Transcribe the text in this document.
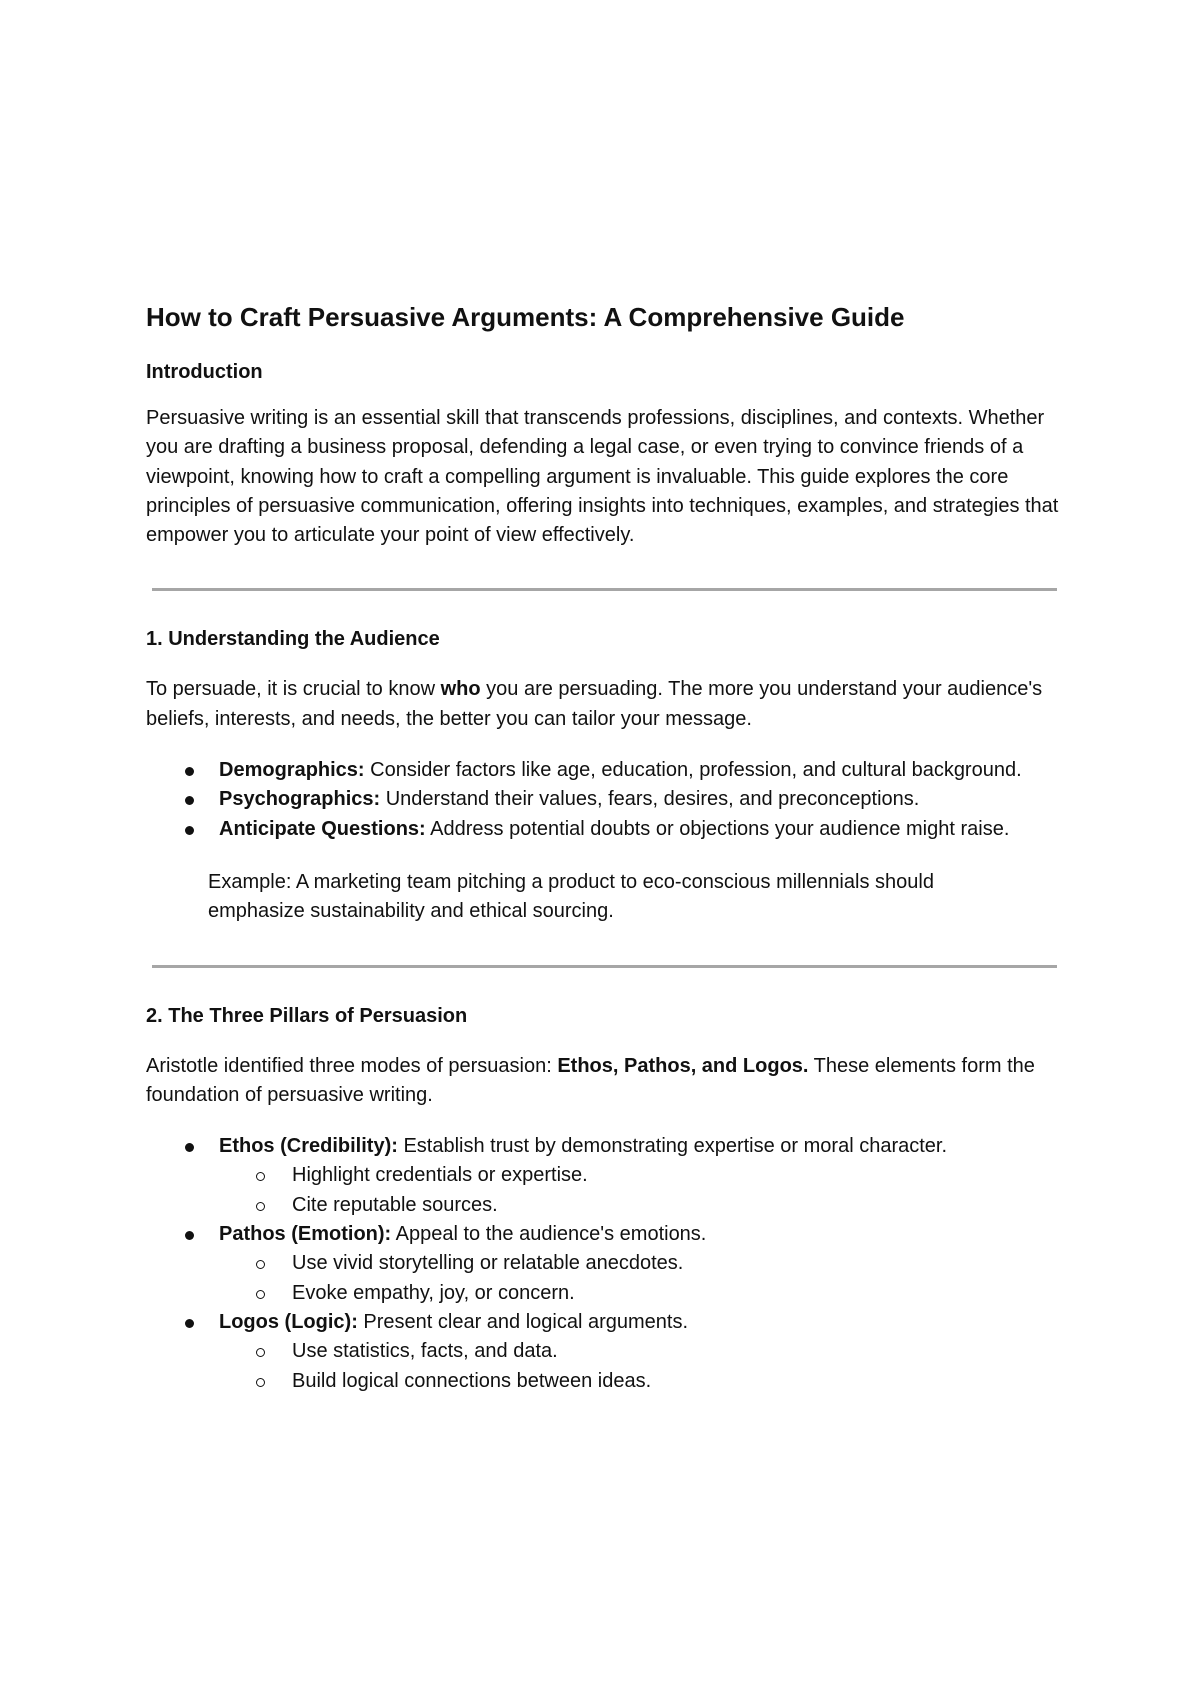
How to Craft Persuasive Arguments: A Comprehensive Guide
Introduction

Persuasive writing is an essential skill that transcends professions, disciplines, and contexts. Whether you are drafting a business proposal, defending a legal case, or even trying to convince friends of a viewpoint, knowing how to craft a compelling argument is invaluable. This guide explores the core principles of persuasive communication, offering insights into techniques, examples, and strategies that empower you to articulate your point of view effectively.

1. Understanding the Audience

To persuade, it is crucial to know who you are persuading. The more you understand your audience's beliefs, interests, and needs, the better you can tailor your message.

Demographics: Consider factors like age, education, profession, and cultural background.
Psychographics: Understand their values, fears, desires, and preconceptions.
Anticipate Questions: Address potential doubts or objections your audience might raise.

Example: A marketing team pitching a product to eco-conscious millennials should emphasize sustainability and ethical sourcing.

2. The Three Pillars of Persuasion

Aristotle identified three modes of persuasion: Ethos, Pathos, and Logos. These elements form the foundation of persuasive writing.

Ethos (Credibility): Establish trust by demonstrating expertise or moral character.
Highlight credentials or expertise.
Cite reputable sources.
Pathos (Emotion): Appeal to the audience's emotions.
Use vivid storytelling or relatable anecdotes.
Evoke empathy, joy, or concern.
Logos (Logic): Present clear and logical arguments.
Use statistics, facts, and data.
Build logical connections between ideas.
